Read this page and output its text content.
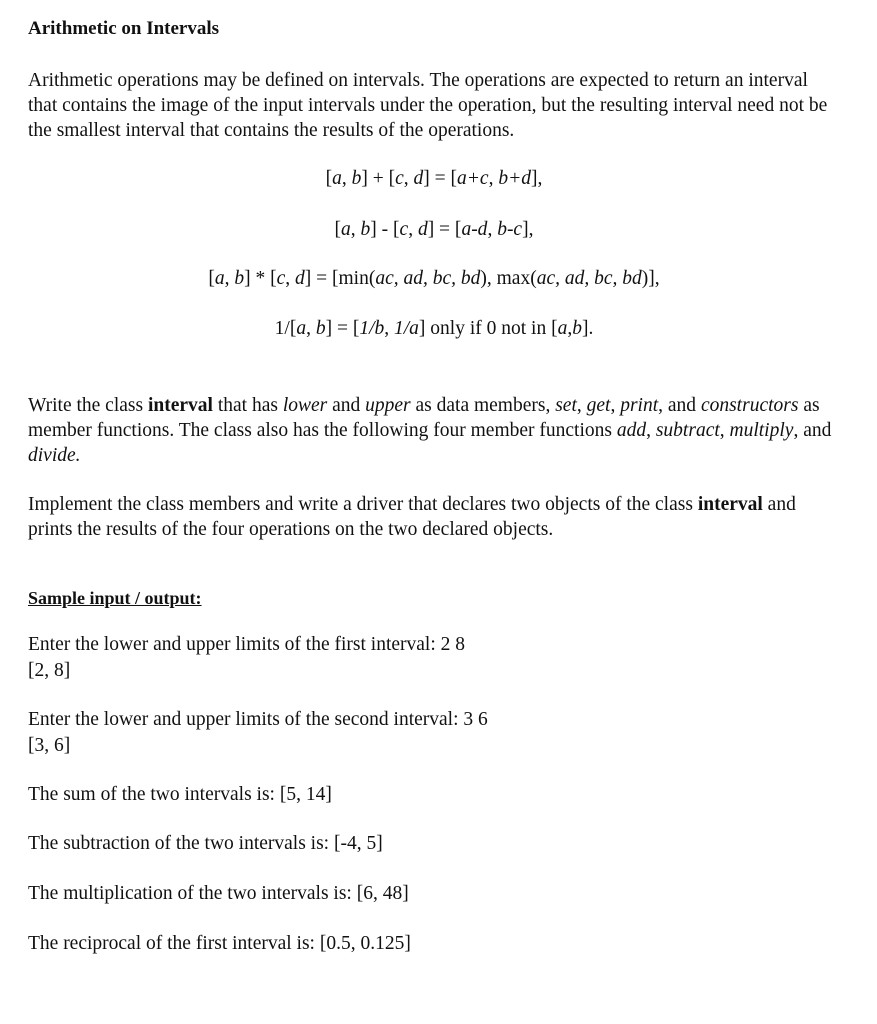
Arithmetic on Intervals

Arithmetic operations may be defined on intervals. The operations are expected to return an interval that contains the image of the input intervals under the operation, but the resulting interval need not be the smallest interval that contains the results of the operations.

[a, b] + [c, d] = [a+c, b+d],

[a, b] - [c, d] = [a-d, b-c],

[a, b] * [c, d] = [min(ac, ad, bc, bd), max(ac, ad, bc, bd)],

1/[a, b] = [1/b, 1/a] only if 0 not in [a,b].

Write the class interval that has lower and upper as data members, set, get, print, and constructors as member functions. The class also has the following four member functions add, subtract, multiply, and divide.

Implement the class members and write a driver that declares two objects of the class interval and prints the results of the four operations on the two declared objects.

Sample input / output:

Enter the lower and upper limits of the first interval: 2 8

[2, 8]

Enter the lower and upper limits of the second interval: 3 6

[3, 6]

The sum of the two intervals is: [5, 14]

The subtraction of the two intervals is: [-4, 5]

The multiplication of the two intervals is: [6, 48]

The reciprocal of the first interval is: [0.5, 0.125]
